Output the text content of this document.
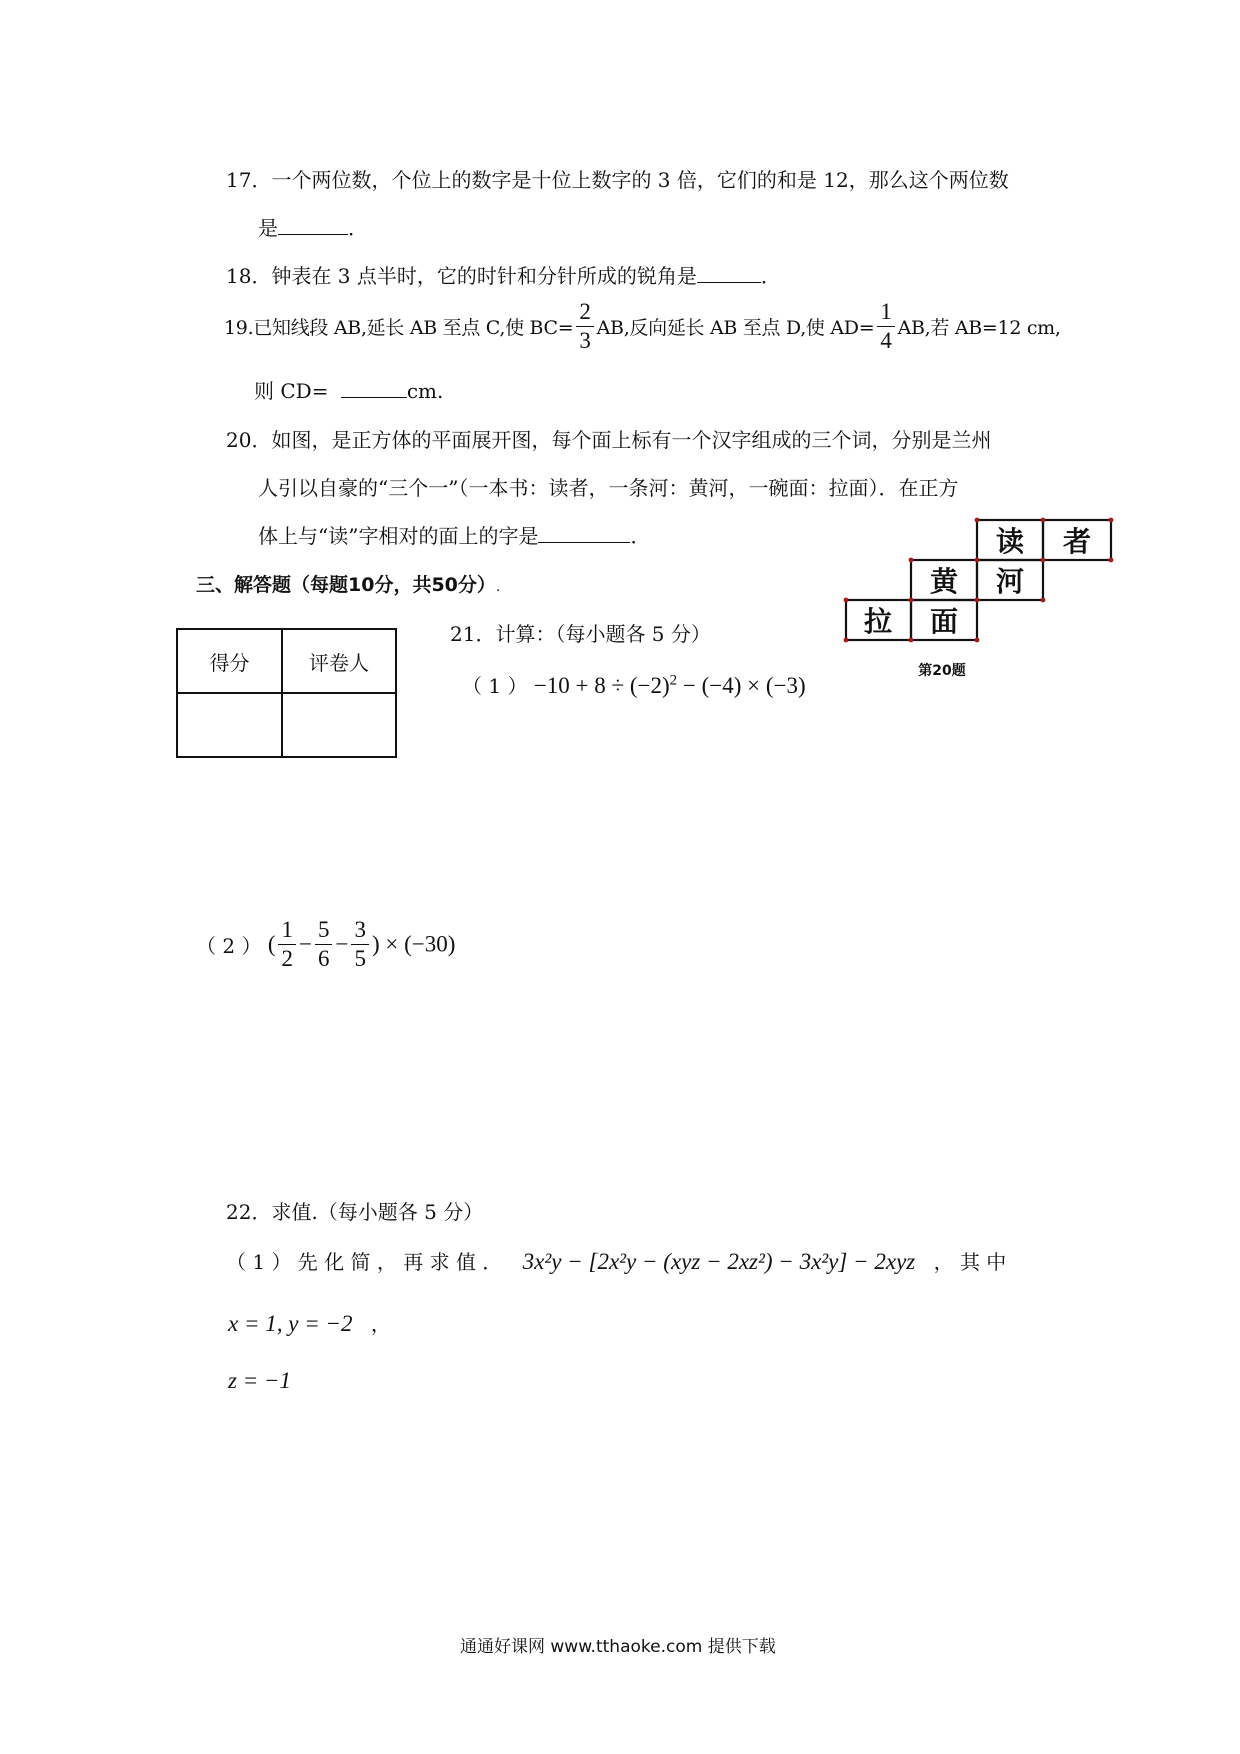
17．一个两位数，个位上的数字是十位上数字的 3 倍，它们的和是 12，那么这个两位数
是	．
18．钟表在 3 点半时，它的时针和分针所成的锐角是	．
19.已知线段 AB,延长 AB 至点 C,使 $BC= \frac{2}{3}$ AB,反向延长 AB 至点 D,使 $AD= \frac{1}{4}$ AB,若 AB=12 cm,
则 CD=	cm.
20．如图，是正方体的平面展开图，每个面上标有一个汉字组成的三个词，分别是兰州
人引以自豪的“三个一”（一本书：读者，一条河：黄河，一碗面：拉面）．在正方
体上与“读”字相对的面上的字是	．	读 者
黄 河
拉 面
第20题
三、解答题（每题10分，共50分）.
得分	评卷人

21．计算：（每小题各 5 分）
（ 1 ） $-10 + 8 \div (-2)^2 - (-4) \times (-3)$
（ 2 ） ( $\frac{1}{2} - \frac{5}{6} - \frac{3}{5}$ ) × (−30)
22．求值.（每小题各 5 分）
（ 1 ） 先 化 简 ， 再 求 值 ． 3x²y − [2x²y − (xyz − 2xz²) − 3x²y] − 2xyz ， 其 中
x = 1, y = −2 ，
z = −1
通通好课网 www.tthaoke.com 提供下载
